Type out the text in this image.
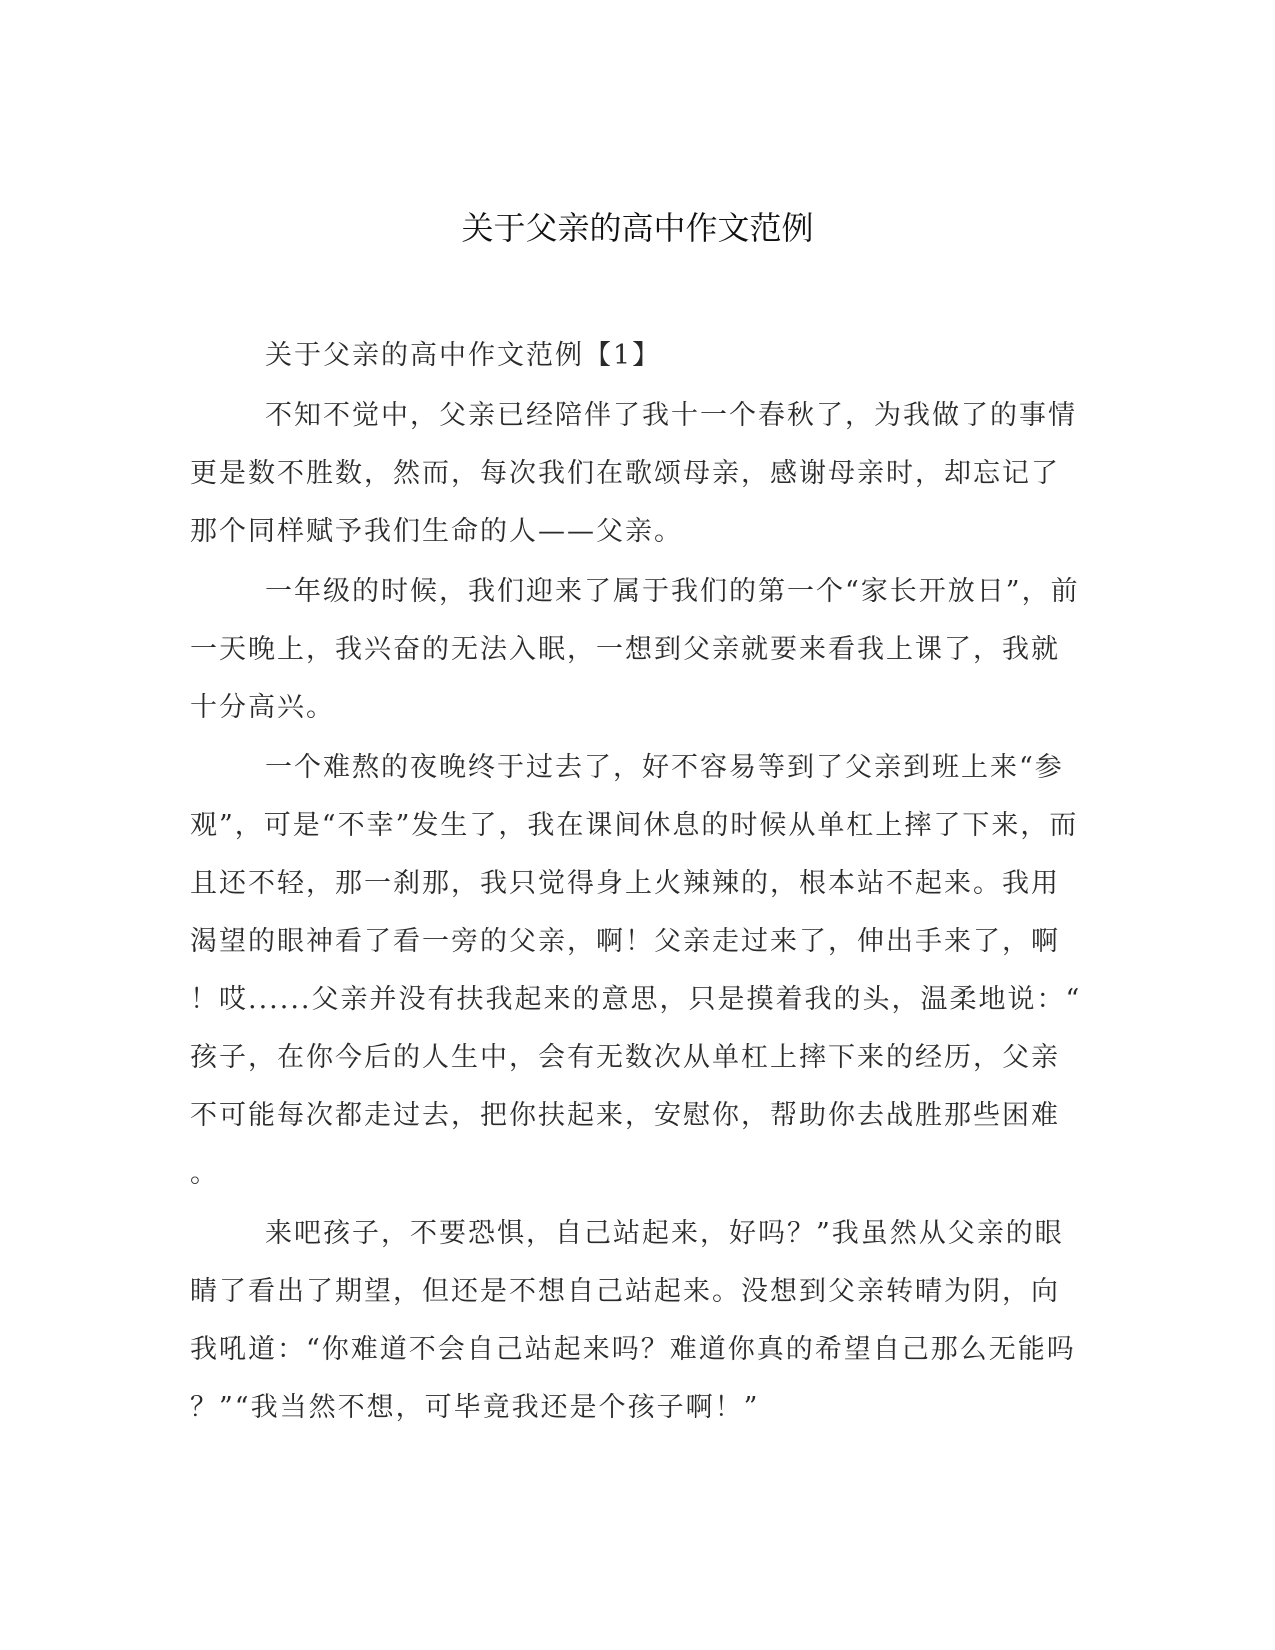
关于父亲的高中作文范例
关于父亲的高中作文范例【1】
不知不觉中，父亲已经陪伴了我十一个春秋了，为我做了的事情
更是数不胜数，然而，每次我们在歌颂母亲，感谢母亲时，却忘记了
那个同样赋予我们生命的人——父亲。
一年级的时候，我们迎来了属于我们的第一个“家长开放日”，前
一天晚上，我兴奋的无法入眠，一想到父亲就要来看我上课了，我就
十分高兴。
一个难熬的夜晚终于过去了，好不容易等到了父亲到班上来“参
观”，可是“不幸”发生了，我在课间休息的时候从单杠上摔了下来，而
且还不轻，那一刹那，我只觉得身上火辣辣的，根本站不起来。我用
渴望的眼神看了看一旁的父亲，啊！父亲走过来了，伸出手来了，啊
！哎......父亲并没有扶我起来的意思，只是摸着我的头，温柔地说：“
孩子，在你今后的人生中，会有无数次从单杠上摔下来的经历，父亲
不可能每次都走过去，把你扶起来，安慰你，帮助你去战胜那些困难
。
来吧孩子，不要恐惧，自己站起来，好吗？”我虽然从父亲的眼
睛了看出了期望，但还是不想自己站起来。没想到父亲转晴为阴，向
我吼道：“你难道不会自己站起来吗？难道你真的希望自己那么无能吗
？”“我当然不想，可毕竟我还是个孩子啊！”
